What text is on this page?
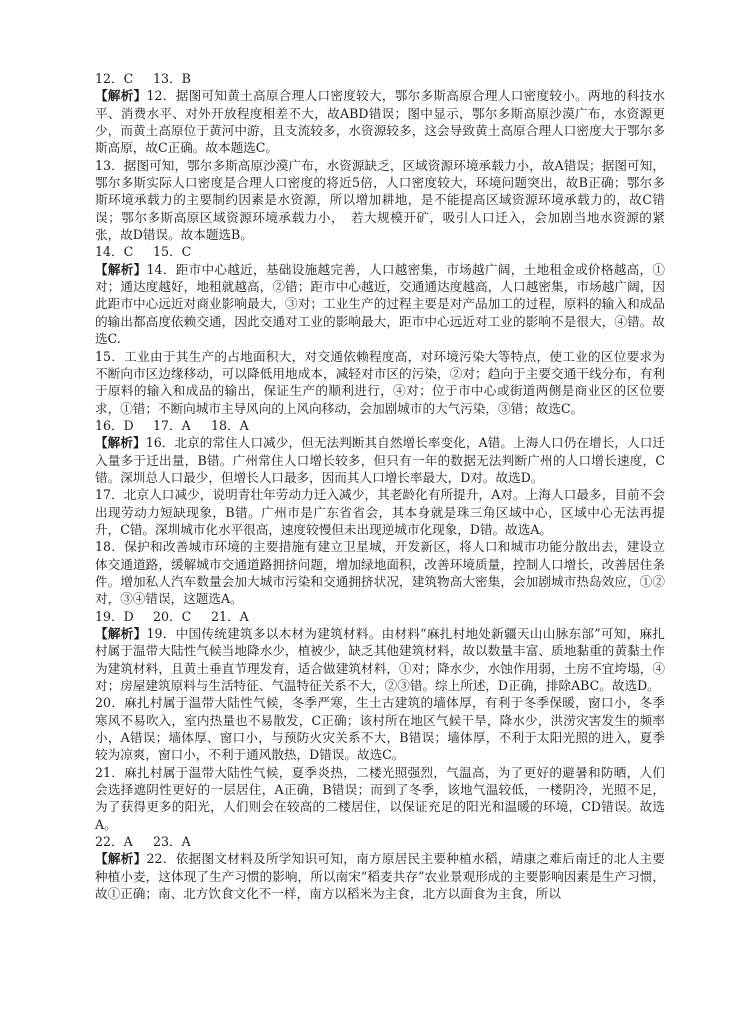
12．C 13．B
【解析】12．据图可知黄土高原合理人口密度较大，鄂尔多斯高原合理人口密度较小。两地的科技水平、消费水平、对外开放程度相差不大，故ABD错误；图中显示，鄂尔多斯高原沙漠广布，水资源更少，而黄土高原位于黄河中游，且支流较多，水资源较多，这会导致黄土高原合理人口密度大于鄂尔多斯高原，故C正确。故本题选C。
13．据图可知，鄂尔多斯高原沙漠广布，水资源缺乏，区域资源环境承载力小，故A错误；据图可知，鄂尔多斯实际人口密度是合理人口密度的将近5倍，人口密度较大，环境问题突出，故B正确；鄂尔多斯环境承载力的主要制约因素是水资源，所以增加耕地，是不能提高区域资源环境承载力的，故C错误；鄂尔多斯高原区域资源环境承载力小，　若大规模开矿，吸引人口迁入，会加剧当地水资源的紧张，故D错误。故本题选B。
14．C 15．C
【解析】14．距市中心越近，基础设施越完善，人口越密集，市场越广阔，土地租金或价格越高，①对；通达度越好，地租就越高，②错；距市中心越近，交通通达度越高，人口越密集，市场越广阔，因此距市中心远近对商业影响最大，③对；工业生产的过程主要是对产品加工的过程，原料的输入和成品的输出都高度依赖交通，因此交通对工业的影响最大，距市中心远近对工业的影响不是很大，④错。故选C.
15．工业由于其生产的占地面积大，对交通依赖程度高，对环境污染大等特点，使工业的区位要求为不断向市区边缘移动，可以降低用地成本，减轻对市区的污染，②对；趋向于主要交通干线分布，有利于原料的输入和成品的输出，保证生产的顺利进行，④对；位于市中心或街道两侧是商业区的区位要求，①错；不断向城市主导风向的上风向移动，会加剧城市的大气污染，③错；故选C。
16．D 17．A 18．A
【解析】16．北京的常住人口减少，但无法判断其自然增长率变化，A错。上海人口仍在增长，人口迁入量多于迁出量，B错。广州常住人口增长较多，但只有一年的数据无法判断广州的人口增长速度，C错。深圳总人口最少，但增长人口最多，因而其人口增长率最大，D对。故选D。
17．北京人口减少，说明青壮年劳动力迁入减少，其老龄化有所提升，A对。上海人口最多，目前不会出现劳动力短缺现象，B错。广州市是广东省省会，其本身就是珠三角区域中心，区域中心无法再提升，C错。深圳城市化水平很高，速度较慢但未出现逆城市化现象，D错。故选A。
18．保护和改善城市环境的主要措施有建立卫星城，开发新区，将人口和城市功能分散出去，建设立体交通道路，缓解城市交通道路拥挤问题，增加绿地面积，改善环境质量，控制人口增长，改善居住条件。增加私人汽车数量会加大城市污染和交通拥挤状况，建筑物高大密集，会加剧城市热岛效应，①②对，③④错误，这题选A。
19．D 20．C 21．A
【解析】19．中国传统建筑多以木材为建筑材料。由材料“麻扎村地处新疆天山山脉东部”可知，麻扎村属于温带大陆性气候当地降水少，植被少，缺乏其他建筑材料，故以数量丰富、质地黏重的黄黏土作为建筑材料，且黄土垂直节理发育，适合做建筑材料，①对；降水少，水蚀作用弱，土房不宜垮塌，④对；房屋建筑原料与生活特征、气温特征关系不大，②③错。综上所述，D正确，排除ABC。故选D。
20．麻扎村属于温带大陆性气候，冬季严寒，生土古建筑的墙体厚，有利于冬季保暖，窗口小，冬季寒风不易吹入，室内热量也不易散发，C正确；该村所在地区气候干旱，降水少，洪涝灾害发生的频率小，A错误；墙体厚、窗口小，与预防火灾关系不大，B错误；墙体厚，不利于太阳光照的进入，夏季较为凉爽，窗口小，不利于通风散热，D错误。故选C。
21．麻扎村属于温带大陆性气候，夏季炎热，二楼光照强烈，气温高，为了更好的避暑和防晒，人们会选择遮阴性更好的一层居住，A正确，B错误；而到了冬季，该地气温较低，一楼阴冷，光照不足，为了获得更多的阳光，人们则会在较高的二楼居住，以保证充足的阳光和温暖的环境，CD错误。故选A。
22．A 23．A
【解析】22．依据图文材料及所学知识可知，南方原居民主要种植水稻，靖康之难后南迁的北人主要种植小麦，这体现了生产习惯的影响，所以南宋“稻麦共存”农业景观形成的主要影响因素是生产习惯，故①正确；南、北方饮食文化不一样，南方以稻米为主食，北方以面食为主食，所以
